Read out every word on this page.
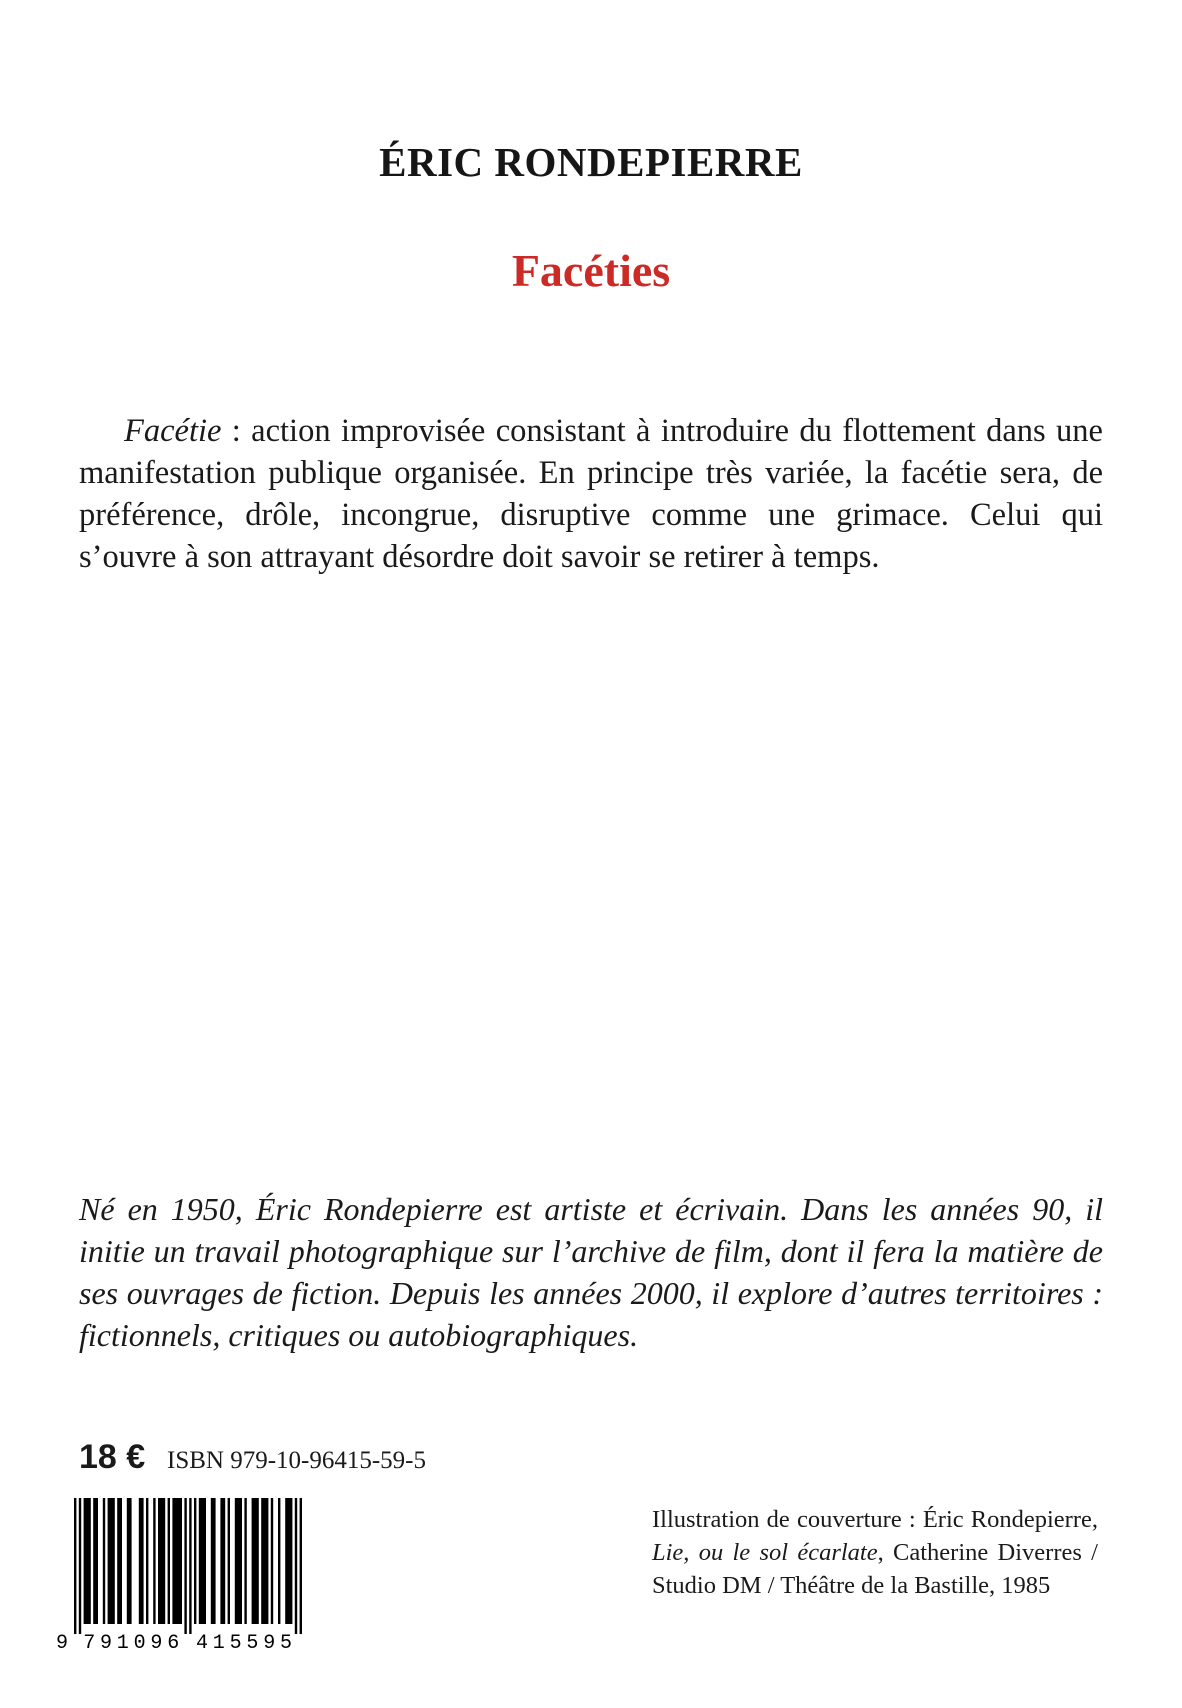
ÉRIC RONDEPIERRE
Facéties

Facétie : action improvisée consistant à introduire du flottement dans une manifestation publique organisée. En principe très variée, la facétie sera, de préférence, drôle, incongrue, disruptive comme une grimace. Celui qui s’ouvre à son attrayant désordre doit savoir se retirer à temps.

Né en 1950, Éric Rondepierre est artiste et écrivain. Dans les années 90, il initie un travail photographique sur l’archive de film, dont il fera la matière de ses ouvrages de fiction. Depuis les années 2000, il explore d’autres territoires : fictionnels, critiques ou autobiographiques.

18 € ISBN 979-10-96415-59-5
9 7 9 1 0 9 6 4 1 5 5 9 5

Illustration de couverture : Éric Rondepierre,
Lie, ou le sol écarlate, Catherine Diverres /
Studio DM / Théâtre de la Bastille, 1985
